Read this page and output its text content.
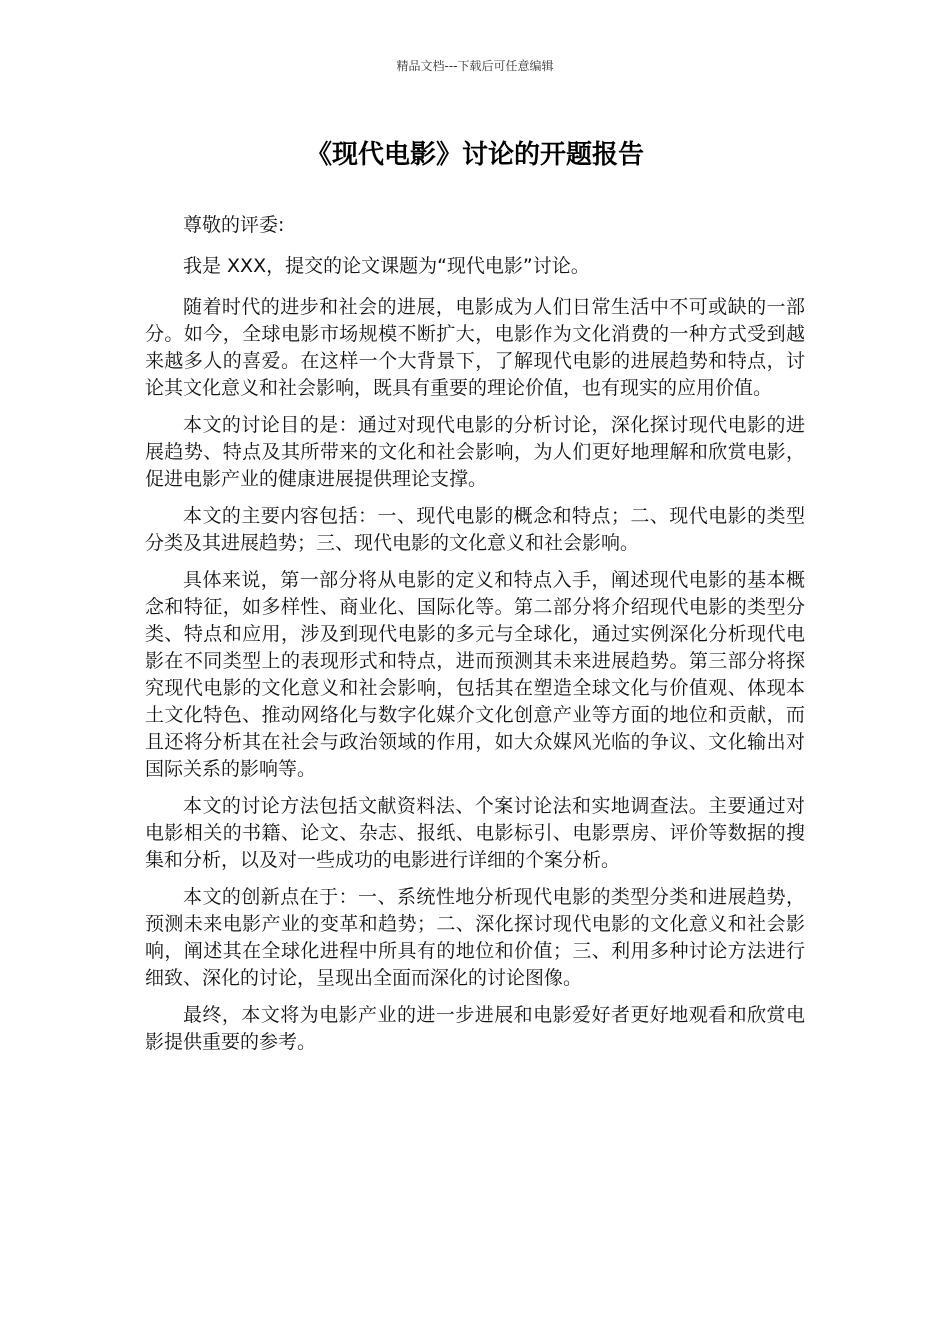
精品文档---下载后可任意编辑
《现代电影》讨论的开题报告

尊敬的评委:

我是 XXX，提交的论文课题为“现代电影”讨论。

随着时代的进步和社会的进展，电影成为人们日常生活中不可或缺的一部分。如今，全球电影市场规模不断扩大，电影作为文化消费的一种方式受到越来越多人的喜爱。在这样一个大背景下，了解现代电影的进展趋势和特点，讨论其文化意义和社会影响，既具有重要的理论价值，也有现实的应用价值。

本文的讨论目的是：通过对现代电影的分析讨论，深化探讨现代电影的进展趋势、特点及其所带来的文化和社会影响，为人们更好地理解和欣赏电影，促进电影产业的健康进展提供理论支撑。

本文的主要内容包括：一、现代电影的概念和特点；二、现代电影的类型分类及其进展趋势；三、现代电影的文化意义和社会影响。

具体来说，第一部分将从电影的定义和特点入手，阐述现代电影的基本概念和特征，如多样性、商业化、国际化等。第二部分将介绍现代电影的类型分类、特点和应用，涉及到现代电影的多元与全球化，通过实例深化分析现代电影在不同类型上的表现形式和特点，进而预测其未来进展趋势。第三部分将探究现代电影的文化意义和社会影响，包括其在塑造全球文化与价值观、体现本土文化特色、推动网络化与数字化媒介文化创意产业等方面的地位和贡献，而且还将分析其在社会与政治领域的作用，如大众媒风光临的争议、文化输出对国际关系的影响等。

本文的讨论方法包括文献资料法、个案讨论法和实地调查法。主要通过对电影相关的书籍、论文、杂志、报纸、电影标引、电影票房、评价等数据的搜集和分析，以及对一些成功的电影进行详细的个案分析。

本文的创新点在于：一、系统性地分析现代电影的类型分类和进展趋势，预测未来电影产业的变革和趋势；二、深化探讨现代电影的文化意义和社会影响，阐述其在全球化进程中所具有的地位和价值；三、利用多种讨论方法进行细致、深化的讨论，呈现出全面而深化的讨论图像。

最终，本文将为电影产业的进一步进展和电影爱好者更好地观看和欣赏电影提供重要的参考。
